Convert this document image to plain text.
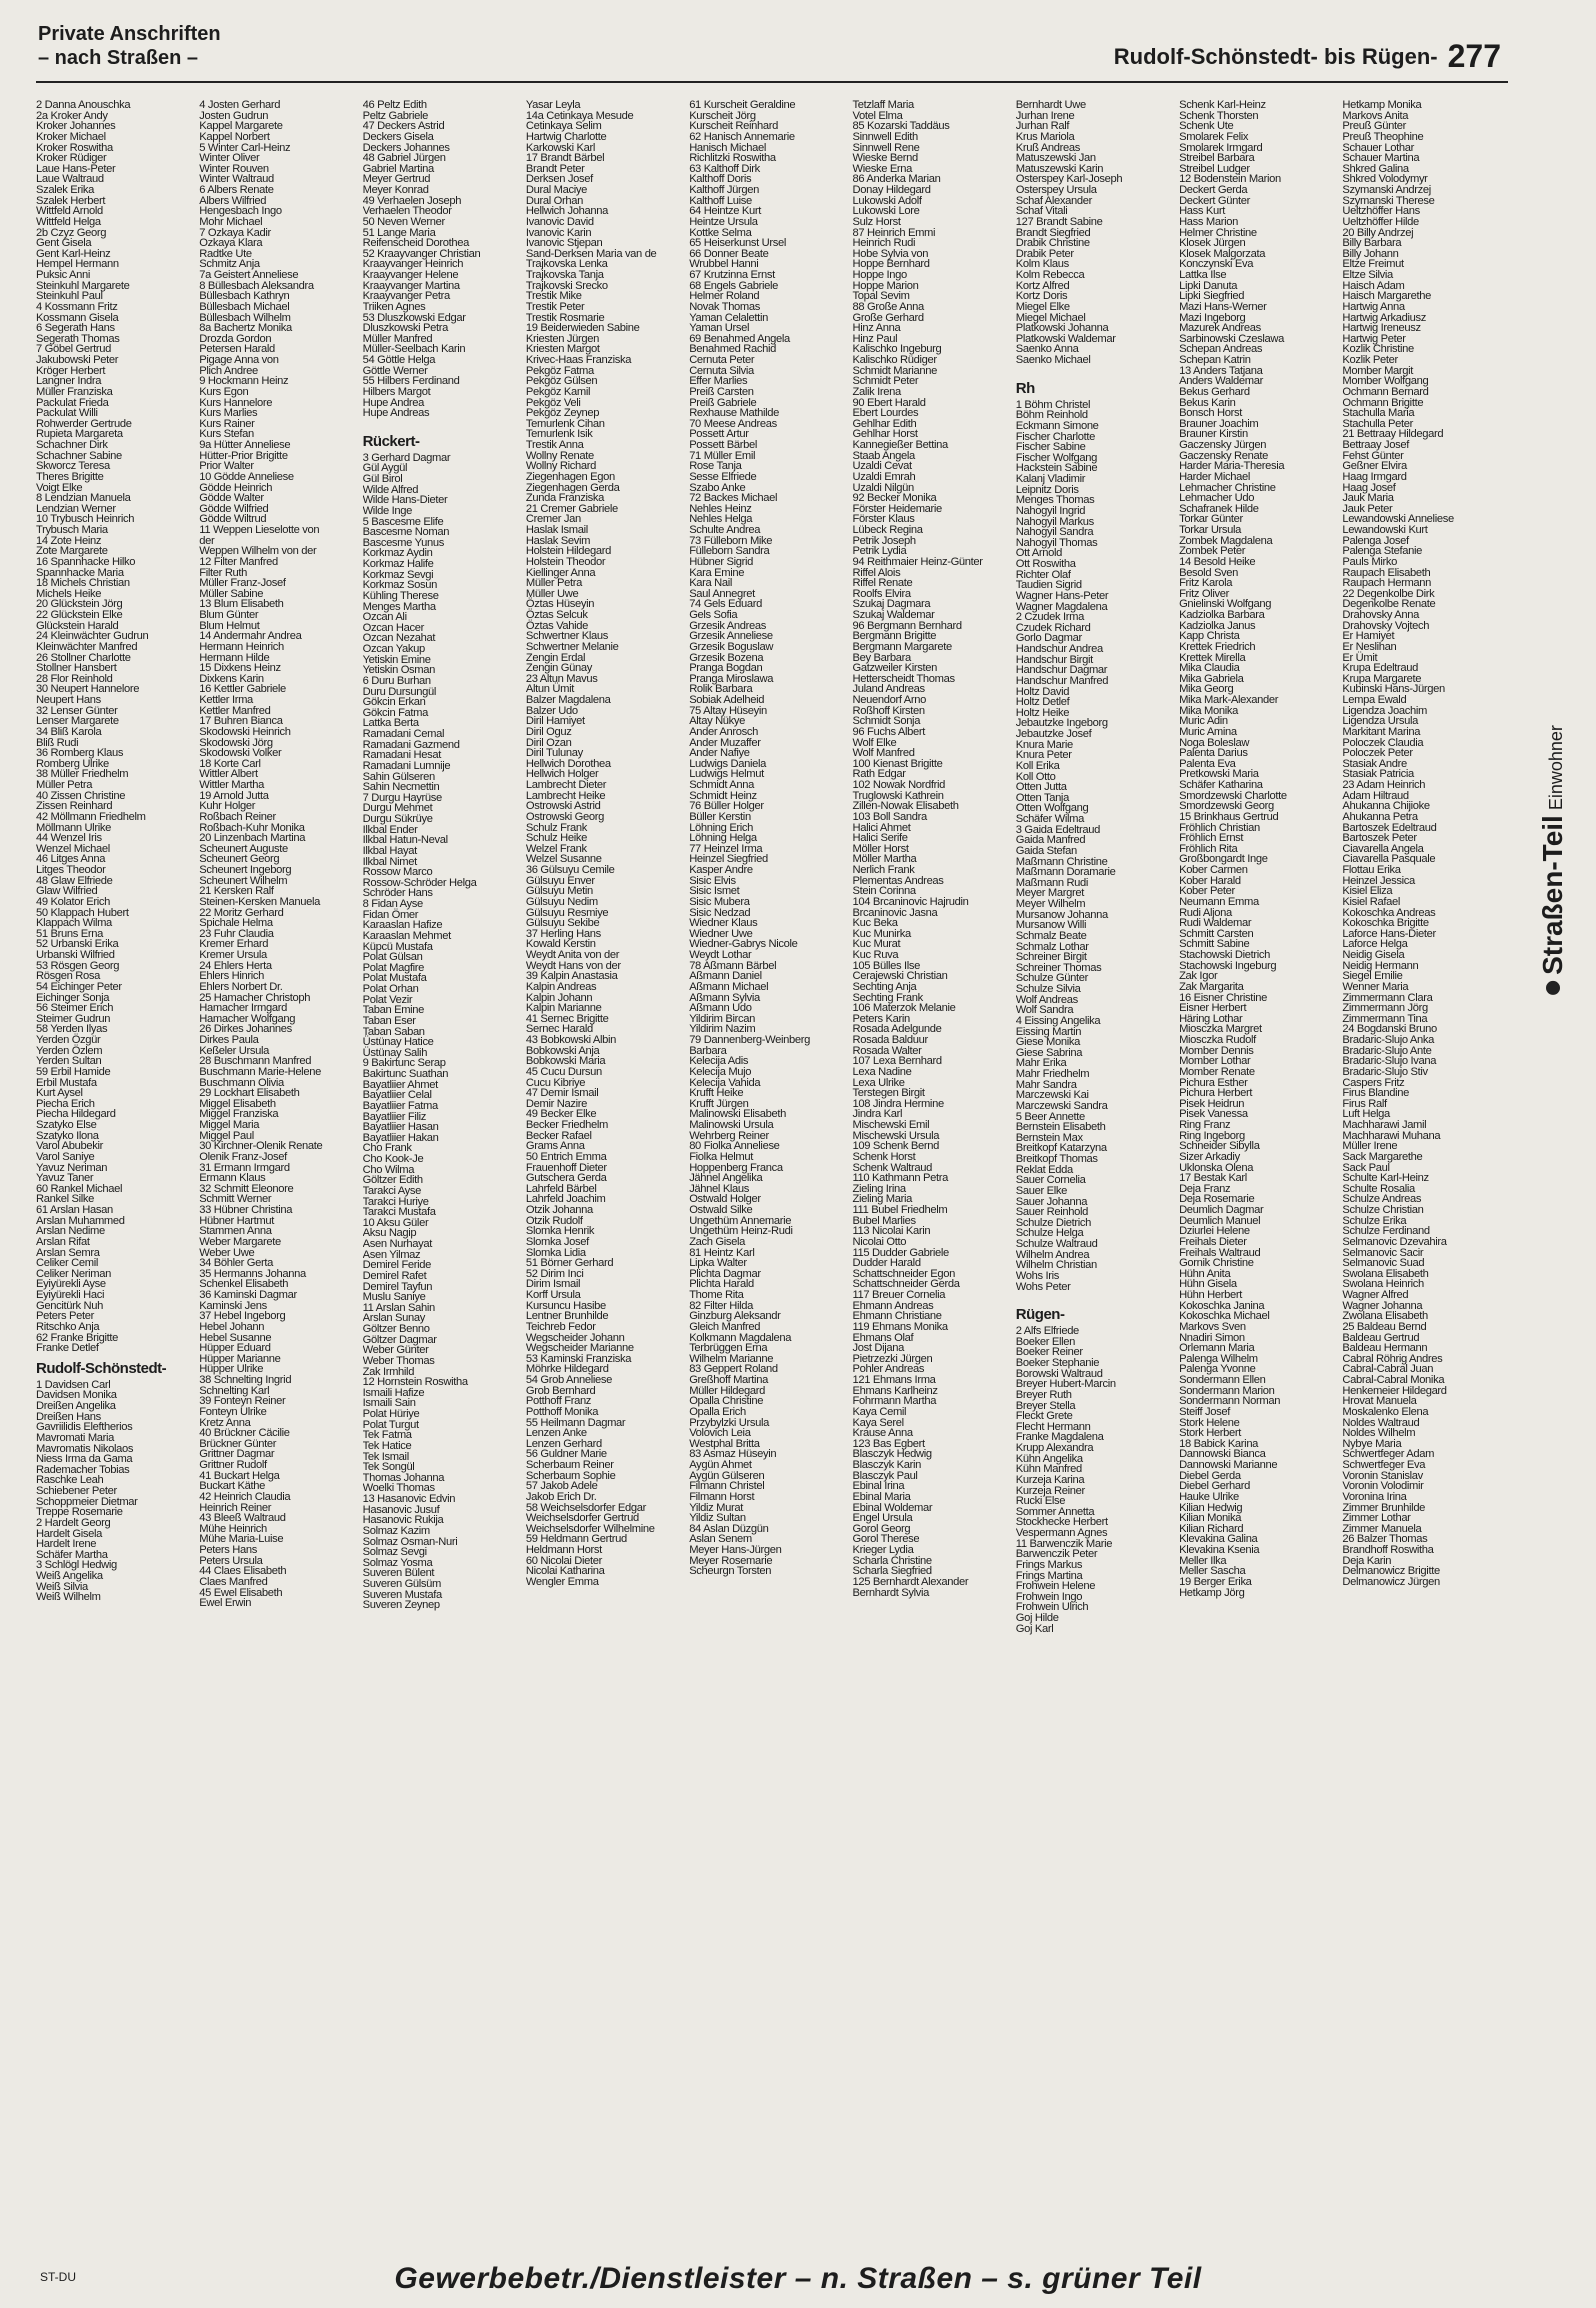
Private Anschriften
– nach Straßen –	Rudolf-Schönstedt- bis Rügen- 277
2 Danna Anouschka
2a Kroker Andy
Kroker Johannes
Kroker Michael
Kroker Roswitha
Kroker Rüdiger
Laue Hans-Peter
Laue Waltraud
Szalek Erika
Szalek Herbert
Wittfeld Arnold
Wittfeld Helga
2b Czyz Georg
Gent Gisela
Gent Karl-Heinz
Hempel Hermann
Puksic Anni
Steinkuhl Margarete
Steinkuhl Paul
4 Kossmann Fritz
Kossmann Gisela
6 Segerath Hans
Segerath Thomas
7 Göbel Gertrud
Jakubowski Peter
Kröger Herbert
Langner Indra
Müller Franziska
Packulat Frieda
Packulat Willi
Rohwerder Gertrude
Rupieta Margareta
Schachner Dirk
Schachner Sabine
Skworcz Teresa
Theres Brigitte
Voigt Elke
8 Lendzian Manuela
Lendzian Werner
10 Trybusch Heinrich
Trybusch Maria
14 Zote Heinz
Zote Margarete
16 Spannhacke Hilko
Spannhacke Maria
18 Michels Christian
Michels Heike
20 Glückstein Jörg
22 Glückstein Elke
Glückstein Harald
24 Kleinwächter Gudrun
Kleinwächter Manfred
26 Stollner Charlotte
Stollner Hansbert
28 Flor Reinhold
30 Neupert Hannelore
Neupert Hans
32 Lenser Günter
Lenser Margarete
34 Bliß Karola
Bliß Rudi
36 Romberg Klaus
Romberg Ulrike
38 Müller Friedhelm
Müller Petra
40 Zissen Christine
Zissen Reinhard
42 Möllmann Friedhelm
Möllmann Ulrike
44 Wenzel Iris
Wenzel Michael
46 Litges Anna
Litges Theodor
48 Glaw Elfriede
Glaw Wilfried
49 Kolator Erich
50 Klappach Hubert
Klappach Wilma
51 Bruns Erna
52 Urbanski Erika
Urbanski Wilfried
53 Rösgen Georg
Rösgen Rosa
54 Eichinger Peter
Eichinger Sonja
56 Steimer Erich
Steimer Gudrun
58 Yerden Ilyas
Yerden Özgür
Yerden Özlem
Yerden Sultan
59 Erbil Hamide
Erbil Mustafa
Kurt Aysel
Piecha Erich
Piecha Hildegard
Szatyko Else
Szatyko Ilona
Varol Abubekir
Varol Saniye
Yavuz Neriman
Yavuz Taner
60 Rankel Michael
Rankel Silke
61 Arslan Hasan
Arslan Muhammed
Arslan Nedime
Arslan Rifat
Arslan Semra
Celiker Cemil
Celiker Neriman
Eyiyürekli Ayse
Eyiyürekli Haci
Gencitürk Nuh
Peters Peter
Ritschko Anja
62 Franke Brigitte
Franke Detlef
Rudolf-Schönstedt-
1 Davidsen Carl
Davidsen Monika
Dreißen Angelika
Dreißen Hans
Gavriilidis Eleftherios
Mavromati Maria
Mavromatis Nikolaos
Niess Irma da Gama
Rademacher Tobias
Raschke Leah
Schiebener Peter
Schoppmeier Dietmar
Treppe Rosemarie
2 Hardelt Georg
Hardelt Gisela
Hardelt Irene
Schäfer Martha
3 Schlögl Hedwig
Weiß Angelika
Weiß Silvia
Weiß Wilhelm
4 Josten Gerhard
Josten Gudrun
Kappel Margarete
Kappel Norbert
5 Winter Carl-Heinz
Winter Oliver
Winter Rouven
Winter Waltraud
6 Albers Renate
Albers Wilfried
Hengesbach Ingo
Mohr Michael
7 Ozkaya Kadir
Ozkaya Klara
Radtke Ute
Schmitz Anja
7a Geistert Anneliese
8 Büllesbach Aleksandra
Büllesbach Kathryn
Büllesbach Michael
Büllesbach Wilhelm
8a Bachertz Monika
Drozda Gordon
Petersen Harald
Pigage Anna von
Plich Andree
9 Hockmann Heinz
Kurs Egon
Kurs Hannelore
Kurs Marlies
Kurs Rainer
Kurs Stefan
9a Hütter Anneliese
Hütter-Prior Brigitte
Prior Walter
10 Gödde Anneliese
Gödde Heinrich
Gödde Walter
Gödde Wilfried
Gödde Wiltrud
11 Weppen Lieselotte von
der
Weppen Wilhelm von der
12 Filter Manfred
Filter Ruth
Müller Franz-Josef
Müller Sabine
13 Blum Elisabeth
Blum Günter
Blum Helmut
14 Andermahr Andrea
Hermann Heinrich
Hermann Hilde
15 Dixkens Heinz
Dixkens Karin
16 Kettler Gabriele
Kettler Irma
Kettler Manfred
17 Buhren Bianca
Skodowski Heinrich
Skodowski Jörg
Skodowski Volker
18 Korte Carl
Wittler Albert
Wittler Martha
19 Arnold Jutta
Kuhr Holger
Roßbach Reiner
Roßbach-Kuhr Monika
20 Linzenbach Martina
Scheunert Auguste
Scheunert Georg
Scheunert Ingeborg
Scheunert Wilhelm
21 Kersken Ralf
Steinen-Kersken Manuela
22 Moritz Gerhard
Spichale Helma
23 Fuhr Claudia
Kremer Erhard
Kremer Ursula
24 Ehlers Herta
Ehlers Hinrich
Ehlers Norbert Dr.
25 Hamacher Christoph
Hamacher Irmgard
Hamacher Wolfgang
26 Dirkes Johannes
Dirkes Paula
Keßeler Ursula
28 Buschmann Manfred
Buschmann Marie-Helene
Buschmann Olivia
29 Lockhart Elisabeth
Miggel Elisabeth
Miggel Franziska
Miggel Maria
Miggel Paul
30 Kirchner-Olenik Renate
Olenik Franz-Josef
31 Ermann Irmgard
Ermann Klaus
32 Schmitt Eleonore
Schmitt Werner
33 Hübner Christina
Hübner Hartmut
Stammen Anna
Weber Margarete
Weber Uwe
34 Böhler Gerta
35 Hermanns Johanna
Schenkel Elisabeth
36 Kaminski Dagmar
Kaminski Jens
37 Hebel Ingeborg
Hebel Johann
Hebel Susanne
Hüpper Eduard
Hüpper Marianne
Hüpper Ulrike
38 Schnelting Ingrid
Schnelting Karl
39 Fonteyn Reiner
Fonteyn Ulrike
Kretz Anna
40 Brückner Cäcilie
Brückner Günter
Grittner Dagmar
Grittner Rudolf
41 Buckart Helga
Buckart Käthe
42 Heinrich Claudia
Heinrich Reiner
43 Bleeß Waltraud
Mühe Heinrich
Mühe Maria-Luise
Peters Hans
Peters Ursula
44 Claes Elisabeth
Claes Manfred
45 Ewel Elisabeth
Ewel Erwin
46 Peltz Edith
Peltz Gabriele
47 Deckers Astrid
Deckers Gisela
Deckers Johannes
48 Gabriel Jürgen
Gabriel Martina
Meyer Gertrud
Meyer Konrad
49 Verhaelen Joseph
Verhaelen Theodor
50 Neven Werner
51 Lange Maria
Reifenscheid Dorothea
52 Kraayvanger Christian
Kraayvanger Heinrich
Kraayvanger Helene
Kraayvanger Martina
Kraayvanger Petra
Triiken Agnes
53 Dluszkowski Edgar
Dluszkowski Petra
Müller Manfred
Müller-Seelbach Karin
54 Göttle Helga
Göttle Werner
55 Hilbers Ferdinand
Hilbers Margot
Hupe Andrea
Hupe Andreas
Rückert-
3 Gerhard Dagmar
Gül Aygül
Gül Birol
Wilde Alfred
Wilde Hans-Dieter
Wilde Inge
5 Bascesme Elife
Bascesme Noman
Bascesme Yunus
Korkmaz Aydin
Korkmaz Halife
Korkmaz Sevgi
Korkmaz Sosun
Kühling Therese
Menges Martha
Ozcan Ali
Ozcan Hacer
Ozcan Nezahat
Ozcan Yakup
Yetiskin Emine
Yetiskin Osman
6 Duru Burhan
Duru Dursungül
Gökcin Erkan
Gökcin Fatma
Lattka Berta
Ramadani Cemal
Ramadani Gazmend
Ramadani Hesat
Ramadani Lumnije
Sahin Gülseren
Sahin Necmettin
7 Durgu Hayrüse
Durgu Mehmet
Durgu Sükrüye
Ilkbal Ender
Ilkbal Hatun-Neval
Ilkbal Hayat
Ilkbal Nimet
Rossow Marco
Rossow-Schröder Helga
Schröder Hans
8 Fidan Ayse
Fidan Ömer
Karaaslan Hafize
Karaaslan Mehmet
Küpcü Mustafa
Polat Gülsan
Polat Magfire
Polat Mustafa
Polat Orhan
Polat Vezir
Taban Emine
Taban Eser
Taban Saban
Üstünay Hatice
Üstünay Salih
9 Bakirtunc Serap
Bakirtunc Suathan
Bayatliier Ahmet
Bayatliier Celal
Bayatliier Fatma
Bayatliier Filiz
Bayatliier Hasan
Bayatliier Hakan
Cho Frank
Cho Kook-Je
Cho Wilma
Göltzer Edith
Tarakci Ayse
Tarakci Huriye
Tarakci Mustafa
10 Aksu Güler
Aksu Nagip
Asen Nurhayat
Asen Yilmaz
Demirel Feride
Demirel Rafet
Demirel Tayfun
Muslu Saniye
11 Arslan Sahin
Arslan Sunay
Göltzer Benno
Göltzer Dagmar
Weber Günter
Weber Thomas
Zak Irmhild
12 Hornstein Roswitha
Ismaili Hafize
Ismaili Sain
Polat Hüriye
Polat Turgut
Tek Fatma
Tek Hatice
Tek Ismail
Tek Songül
Thomas Johanna
Woelki Thomas
13 Hasanovic Edvin
Hasanovic Jusuf
Hasanovic Rukija
Solmaz Kazim
Solmaz Osman-Nuri
Solmaz Sevgi
Solmaz Yosma
Suveren Bülent
Suveren Gülsüm
Suveren Mustafa
Suveren Zeynep
Yasar Leyla
14a Cetinkaya Mesude
Cetinkaya Selim
Hartwig Charlotte
Karkowski Karl
17 Brandt Bärbel
Brandt Peter
Derksen Josef
Dural Maciye
Dural Orhan
Hellwich Johanna
Ivanovic David
Ivanovic Karin
Ivanovic Stjepan
Sand-Derksen Maria van de
Trajkovska Lenka
Trajkovska Tanja
Trajkovski Srecko
Trestik Mike
Trestik Peter
Trestik Rosmarie
19 Beiderwieden Sabine
Kriesten Jürgen
Kriesten Margot
Krivec-Haas Franziska
Pekgöz Fatma
Pekgöz Gülsen
Pekgöz Kamil
Pekgöz Veli
Pekgöz Zeynep
Temurlenk Cihan
Temurlenk Isik
Trestik Anna
Wollny Renate
Wollny Richard
Ziegenhagen Egon
Ziegenhagen Gerda
Zunda Franziska
21 Cremer Gabriele
Cremer Jan
Haslak Ismail
Haslak Sevim
Holstein Hildegard
Holstein Theodor
Kiellinger Anna
Müller Petra
Müller Uwe
Öztas Hüseyin
Öztas Selcuk
Öztas Vahide
Schwertner Klaus
Schwertner Melanie
Zengin Erdal
Zengin Günay
23 Altun Mavus
Altun Ümit
Balzer Magdalena
Balzer Udo
Diril Hamiyet
Diril Oguz
Diril Ozan
Diril Tulunay
Hellwich Dorothea
Hellwich Holger
Lambrecht Dieter
Lambrecht Heike
Ostrowski Astrid
Ostrowski Georg
Schulz Frank
Schulz Heike
Welzel Frank
Welzel Susanne
36 Gülsuyu Cemile
Gülsuyu Enver
Gülsuyu Metin
Gülsuyu Nedim
Gülsuyu Resmiye
Gülsuyu Sekibe
37 Herling Hans
Kowald Kerstin
Weydt Anita von der
Weydt Hans von der
39 Kalpin Anastasia
Kalpin Andreas
Kalpin Johann
Kalpin Marianne
41 Sernec Brigitte
Sernec Harald
43 Bobkowski Albin
Bobkowski Anja
Bobkowski Maria
45 Cucu Dursun
Cucu Kibriye
47 Demir Ismail
Demir Nazire
49 Becker Elke
Becker Friedhelm
Becker Rafael
Grams Anna
50 Entrich Emma
Frauenhoff Dieter
Gutschera Gerda
Lahrfeld Bärbel
Lahrfeld Joachim
Otzik Johanna
Otzik Rudolf
Slomka Henrik
Slomka Josef
Slomka Lidia
51 Börner Gerhard
52 Dirim Inci
Dirim Ismail
Korff Ursula
Kursuncu Hasibe
Lentner Brunhilde
Teichreb Fedor
Wegscheider Johann
Wegscheider Marianne
53 Kaminski Franziska
Möhrke Hildegard
54 Grob Anneliese
Grob Bernhard
Potthoff Franz
Potthoff Monika
55 Heilmann Dagmar
Lenzen Anke
Lenzen Gerhard
56 Guldner Marie
Scherbaum Reiner
Scherbaum Sophie
57 Jakob Adele
Jakob Erich Dr.
58 Weichselsdorfer Edgar
Weichselsdorfer Gertrud
Weichselsdorfer Wilhelmine
59 Heldmann Gertrud
Heldmann Horst
60 Nicolai Dieter
Nicolai Katharina
Wengler Emma
61 Kurscheit Geraldine
Kurscheit Jörg
Kurscheit Reinhard
62 Hanisch Annemarie
Hanisch Michael
Richlitzki Roswitha
63 Kalthoff Dirk
Kalthoff Doris
Kalthoff Jürgen
Kalthoff Luise
64 Heintze Kurt
Heintze Ursula
Kottke Selma
65 Heiserkunst Ursel
66 Donner Beate
Wrubbel Hanni
67 Krutzinna Ernst
68 Engels Gabriele
Helmer Roland
Novak Thomas
Yaman Celalettin
Yaman Ursel
69 Benahmed Angela
Benahmed Rachid
Cernuta Peter
Cernuta Silvia
Effer Marlies
Preiß Carsten
Preiß Gabriele
Rexhause Mathilde
70 Meese Andreas
Possett Artur
Possett Bärbel
71 Müller Emil
Rose Tanja
Sesse Elfriede
Szabo Anke
72 Backes Michael
Nehles Heinz
Nehles Helga
Schulte Andrea
73 Fülleborn Mike
Fülleborn Sandra
Hübner Sigrid
Kara Emine
Kara Nail
Saul Annegret
74 Gels Eduard
Gels Sofia
Grzesik Andreas
Grzesik Anneliese
Grzesik Boguslaw
Grzesik Bozena
Pranga Bogdan
Pranga Miroslawa
Rolik Barbara
Sobiak Adelheid
75 Altay Hüseyin
Altay Nükye
Ander Anrosch
Ander Muzaffer
Ander Nafiye
Ludwigs Daniela
Ludwigs Helmut
Schmidt Anna
Schmidt Heinz
76 Büller Holger
Büller Kerstin
Löhning Erich
Löhning Helga
77 Heinzel Irma
Heinzel Siegfried
Kasper Andre
Sisic Elvis
Sisic Ismet
Sisic Mubera
Sisic Nedzad
Wiedner Klaus
Wiedner Uwe
Wiedner-Gabrys Nicole
Weydt Lothar
78 Aßmann Bärbel
Aßmann Daniel
Aßmann Michael
Aßmann Sylvia
Aßmann Udo
Yildirim Bircan
Yildirim Nazim
79 Dannenberg-Weinberg
Barbara
Kelecija Adis
Kelecija Mujo
Kelecija Vahida
Krufft Heike
Krufft Jürgen
Malinowski Elisabeth
Malinowski Ursula
Wehrberg Reiner
80 Fiolka Anneliese
Fiolka Helmut
Hoppenberg Franca
Jähnel Angelika
Jähnel Klaus
Ostwald Holger
Ostwald Silke
Ungethüm Annemarie
Ungethüm Heinz-Rudi
Zach Gisela
81 Heintz Karl
Lipka Walter
Plichta Dagmar
Plichta Harald
Thome Rita
82 Filter Hilda
Ginzburg Aleksandr
Gleich Manfred
Kolkmann Magdalena
Terbrüggen Erna
Wilhelm Marianne
83 Geppert Roland
Greßhoff Martina
Müller Hildegard
Opalla Christine
Opalla Erich
Przybylzki Ursula
Volovich Leia
Westphal Britta
83 Asmaz Hüseyin
Aygün Ahmet
Aygün Gülseren
Filmann Christel
Filmann Horst
Yildiz Murat
Yildiz Sultan
84 Aslan Düzgün
Aslan Senem
Meyer Hans-Jürgen
Meyer Rosemarie
Scheurgn Torsten
Tetzlaff Maria
Votel Elma
85 Kozarski Taddäus
Sinnwell Edith
Sinnwell Rene
Wieske Bernd
Wieske Erna
86 Anderka Marian
Donay Hildegard
Lukowski Adolf
Lukowski Lore
Sulz Horst
87 Heinrich Emmi
Heinrich Rudi
Hobe Sylvia von
Hoppe Bernhard
Hoppe Ingo
Hoppe Marion
Topal Sevim
88 Große Anna
Große Gerhard
Hinz Anna
Hinz Paul
Kalischko Ingeburg
Kalischko Rüdiger
Schmidt Marianne
Schmidt Peter
Zalik Irena
90 Ebert Harald
Ebert Lourdes
Gehlhar Edith
Gehlhar Horst
Kannegießer Bettina
Staab Angela
Uzaldi Cevat
Uzaldi Emrah
Uzaldi Nilgün
92 Becker Monika
Förster Heidemarie
Förster Klaus
Lübeck Regina
Petrik Joseph
Petrik Lydia
94 Reithmaier Heinz-Günter
Riffel Alois
Riffel Renate
Roolfs Elvira
Szukaj Dagmara
Szukaj Waldemar
96 Bergmann Bernhard
Bergmann Brigitte
Bergmann Margarete
Bey Barbara
Gatzweiler Kirsten
Hetterscheidt Thomas
Juland Andreas
Neuendorf Arno
Roßhoff Kirsten
Schmidt Sonja
96 Fuchs Albert
Wolf Elke
Wolf Manfred
100 Kienast Brigitte
Rath Edgar
102 Nowak Nordfrid
Truglowski Kathrein
Zillen-Nowak Elisabeth
103 Boll Sandra
Halici Ahmet
Halici Serife
Möller Horst
Möller Martha
Nerlich Frank
Plementas Andreas
Stein Corinna
104 Brcaninovic Hajrudin
Brcaninovic Jasna
Kuc Beka
Kuc Munirka
Kuc Murat
Kuc Ruva
105 Bülles Ilse
Cerajewski Christian
Sechting Anja
Sechting Frank
106 Materzok Melanie
Peters Karin
Rosada Adelgunde
Rosada Balduur
Rosada Walter
107 Lexa Bernhard
Lexa Nadine
Lexa Ulrike
Terstegen Birgit
108 Jindra Hermine
Jindra Karl
Mischewski Emil
Mischewski Ursula
109 Schenk Bernd
Schenk Horst
Schenk Waltraud
110 Kathmann Petra
Zieling Irina
Zieling Maria
111 Bubel Friedhelm
Bubel Marlies
113 Nicolai Karin
Nicolai Otto
115 Dudder Gabriele
Dudder Harald
Schattschneider Egon
Schattschneider Gerda
117 Breuer Cornelia
Ehmann Andreas
Ehmann Christiane
119 Ehmans Monika
Ehmans Olaf
Jost Dijana
Pietrzezki Jürgen
Pohler Andreas
121 Ehmans Irma
Ehmans Karlheinz
Fohrmann Martha
Kaya Cemil
Kaya Serel
Krause Anna
123 Bas Egbert
Blasczyk Hedwig
Blasczyk Karin
Blasczyk Paul
Ebinal Irina
Ebinal Maria
Ebinal Woldemar
Engel Ursula
Gorol Georg
Gorol Therese
Krieger Lydia
Scharla Christine
Scharla Siegfried
125 Bernhardt Alexander
Bernhardt Sylvia
Bernhardt Uwe
Jurhan Irene
Jurhan Ralf
Krus Mariola
Kruß Andreas
Matuszewski Jan
Matuszewski Karin
Osterspey Karl-Joseph
Osterspey Ursula
Schaf Alexander
Schaf Vitali
127 Brandt Sabine
Brandt Siegfried
Drabik Christine
Drabik Peter
Kolm Klaus
Kolm Rebecca
Kortz Alfred
Kortz Doris
Miegel Elke
Miegel Michael
Platkowski Johanna
Platkowski Waldemar
Saenko Anna
Saenko Michael
Rh
1 Böhm Christel
Böhm Reinhold
Eckmann Simone
Fischer Charlotte
Fischer Sabine
Fischer Wolfgang
Hackstein Sabine
Kalanj Vladimir
Leipnitz Doris
Menges Thomas
Nahogyil Ingrid
Nahogyil Markus
Nahogyil Sandra
Nahogyil Thomas
Ott Arnold
Ott Roswitha
Richter Olaf
Taudien Sigrid
Wagner Hans-Peter
Wagner Magdalena
2 Czudek Irma
Czudek Richard
Gorlo Dagmar
Handschur Andrea
Handschur Birgit
Handschur Dagmar
Handschur Manfred
Holtz David
Holtz Detlef
Holtz Heike
Jebautzke Ingeborg
Jebautzke Josef
Knura Marie
Knura Peter
Koll Erika
Koll Otto
Otten Jutta
Otten Tanja
Otten Wolfgang
Schäfer Wilma
3 Gaida Edeltraud
Gaida Manfred
Gaida Stefan
Maßmann Christine
Maßmann Doramarie
Maßmann Rudi
Meyer Margret
Meyer Wilhelm
Mursanow Johanna
Mursanow Willi
Schmalz Beate
Schmalz Lothar
Schreiner Birgit
Schreiner Thomas
Schulze Günter
Schulze Silvia
Wolf Andreas
Wolf Sandra
4 Eissing Angelika
Eissing Martin
Giese Monika
Giese Sabrina
Mahr Erika
Mahr Friedhelm
Mahr Sandra
Marczewski Kai
Marczewski Sandra
5 Beer Annette
Bernstein Elisabeth
Bernstein Max
Breitkopf Katarzyna
Breitkopf Thomas
Reklat Edda
Sauer Cornelia
Sauer Elke
Sauer Johanna
Sauer Reinhold
Schulze Dietrich
Schulze Helga
Schulze Waltraud
Wilhelm Andrea
Wilhelm Christian
Wohs Iris
Wohs Peter
Rügen-
2 Alfs Elfriede
Boeker Ellen
Boeker Reiner
Boeker Stephanie
Borowski Waltraud
Breyer Hubert-Marcin
Breyer Ruth
Breyer Stella
Fleckt Grete
Flecht Hermann
Franke Magdalena
Krupp Alexandra
Kühn Angelika
Kühn Manfred
Kurzeja Karina
Kurzeja Reiner
Rucki Else
Sommer Annetta
Stockhecke Herbert
Vespermann Agnes
11 Barwenczik Marie
Barwenczik Peter
Frings Markus
Frings Martina
Frohwein Helene
Frohwein Ingo
Frohwein Ulrich
Goj Hilde
Goj Karl
Schenk Karl-Heinz
Schenk Thorsten
Schenk Ute
Smolarek Felix
Smolarek Irmgard
Streibel Barbara
Streibel Ludger
12 Bodenstein Marion
Deckert Gerda
Deckert Günter
Hass Kurt
Hass Marion
Helmer Christine
Klosek Jürgen
Klosek Malgorzata
Konczynski Eva
Lattka Ilse
Lipki Danuta
Lipki Siegfried
Mazi Hans-Werner
Mazi Ingeborg
Mazurek Andreas
Sarbinowski Czeslawa
Schepan Andreas
Schepan Katrin
13 Anders Tatjana
Anders Waldemar
Bekus Gerhard
Bekus Karin
Bonsch Horst
Brauner Joachim
Brauner Kirstin
Gaczensky Jürgen
Gaczensky Renate
Harder Maria-Theresia
Harder Michael
Lehmacher Christine
Lehmacher Udo
Schafranek Hilde
Torkar Günter
Torkar Ursula
Zombek Magdalena
Zombek Peter
14 Besold Heike
Besold Sven
Fritz Karola
Fritz Oliver
Gnielinski Wolfgang
Kadziolka Barbara
Kadziolka Janus
Kapp Christa
Krettek Friedrich
Krettek Mirella
Mika Claudia
Mika Gabriela
Mika Georg
Mika Mark-Alexander
Mika Monika
Muric Adin
Muric Amina
Noga Boleslaw
Palenta Darius
Palenta Eva
Pretkowski Maria
Schäfer Katharina
Smordzewski Charlotte
Smordzewski Georg
15 Brinkhaus Gertrud
Fröhlich Christian
Fröhlich Ernst
Fröhlich Rita
Großbongardt Inge
Kober Carmen
Kober Harald
Kober Peter
Neumann Emma
Rudi Aljona
Rudi Waldemar
Schmitt Carsten
Schmitt Sabine
Stachowski Dietrich
Stachowski Ingeburg
Zak Igor
Zak Margarita
16 Eisner Christine
Eisner Herbert
Häring Lothar
Miosczka Margret
Miosczka Rudolf
Momber Dennis
Momber Lothar
Momber Renate
Pichura Esther
Pichura Herbert
Pisek Heidrun
Pisek Vanessa
Ring Franz
Ring Ingeborg
Schneider Sibylla
Sizer Arkadiy
Uklonska Olena
17 Bestak Karl
Deja Franz
Deja Rosemarie
Deumlich Dagmar
Deumlich Manuel
Dziurlei Helene
Freihals Dieter
Freihals Waltraud
Gornik Christine
Hühn Anita
Hühn Gisela
Hühn Herbert
Kokoschka Janina
Kokoschka Michael
Markovs Sven
Nnadiri Simon
Orlemann Maria
Palenga Wilhelm
Palenga Yvonne
Sondermann Ellen
Sondermann Marion
Sondermann Norman
Steiff Josef
Stork Helene
Stork Herbert
18 Babick Karina
Dannowski Bianca
Dannowski Marianne
Diebel Gerda
Diebel Gerhard
Hauke Ulrike
Kilian Hedwig
Kilian Monika
Kilian Richard
Klevakina Galina
Klevakina Ksenia
Meller Ilka
Meller Sascha
19 Berger Erika
Hetkamp Jörg
Hetkamp Monika
Markovs Anita
Preuß Günter
Preuß Theophine
Schauer Lothar
Schauer Martina
Shkred Galina
Shkred Volodymyr
Szymanski Andrzej
Szymanski Therese
Ueltzhöffer Hans
Ueltzhöffer Hilde
20 Billy Andrzej
Billy Barbara
Billy Johann
Eltze Freimut
Eltze Silvia
Haisch Adam
Haisch Margarethe
Hartwig Anna
Hartwig Arkadiusz
Hartwig Ireneusz
Hartwig Peter
Kozlik Christine
Kozlik Peter
Momber Margit
Momber Wolfgang
Ochmann Bernard
Ochmann Brigitte
Stachulla Maria
Stachulla Peter
21 Bettraay Hildegard
Bettraay Josef
Fehst Günter
Geßner Elvira
Haag Irmgard
Haag Josef
Jauk Maria
Jauk Peter
Lewandowski Anneliese
Lewandowski Kurt
Palenga Josef
Palenga Stefanie
Pauls Mirko
Raupach Elisabeth
Raupach Hermann
22 Degenkolbe Dirk
Degenkolbe Renate
Drahovsky Anna
Drahovsky Vojtech
Er Hamiyet
Er Neslihan
Er Ümit
Krupa Edeltraud
Krupa Margarete
Kubinski Hans-Jürgen
Lempa Ewald
Ligendza Joachim
Ligendza Ursula
Markitant Marina
Poloczek Claudia
Poloczek Peter
Stasiak Andre
Stasiak Patricia
23 Adam Heinrich
Adam Hiltraud
Ahukanna Chijioke
Ahukanna Petra
Bartoszek Edeltraud
Bartoszek Peter
Ciavarella Angela
Ciavarella Pasquale
Flottau Erika
Heinzel Jessica
Kisiel Eliza
Kisiel Rafael
Kokoschka Andreas
Kokoschka Brigitte
Laforce Hans-Dieter
Laforce Helga
Neidig Gisela
Neidig Hermann
Siegel Emilie
Wenner Maria
Zimmermann Clara
Zimmermann Jörg
Zimmermann Tina
24 Bogdanski Bruno
Bradaric-Slujo Anka
Bradaric-Slujo Ante
Bradaric-Slujo Ivana
Bradaric-Slujo Stiv
Caspers Fritz
Firus Blandine
Firus Ralf
Luft Helga
Machharawi Jamil
Machharawi Muhana
Müller Irene
Sack Margarethe
Sack Paul
Schulte Karl-Heinz
Schulte Rosalia
Schulze Andreas
Schulze Christian
Schulze Erika
Schulze Ferdinand
Selmanovic Dzevahira
Selmanovic Sacir
Selmanovic Suad
Swolana Elisabeth
Swolana Heinrich
Wagner Alfred
Wagner Johanna
Zwolana Elisabeth
25 Baldeau Bernd
Baldeau Gertrud
Baldeau Hermann
Cabral Röhrig Andres
Cabral-Cabral Juan
Cabral-Cabral Monika
Henkemeier Hildegard
Hrovat Manuela
Moskalenko Elena
Noldes Waltraud
Noldes Wilhelm
Nybye Maria
Schwertfeger Adam
Schwertfeger Eva
Voronin Stanislav
Voronin Volodimir
Voronina Irina
Zimmer Brunhilde
Zimmer Lothar
Zimmer Manuela
26 Balzer Thomas
Brandhoff Roswitha
Deja Karin
Delmanowicz Brigitte
Delmanowicz Jürgen
Straßen-Teil Einwohner
ST-DU	Gewerbebetr./Dienstleister – n. Straßen – s. grüner Teil
